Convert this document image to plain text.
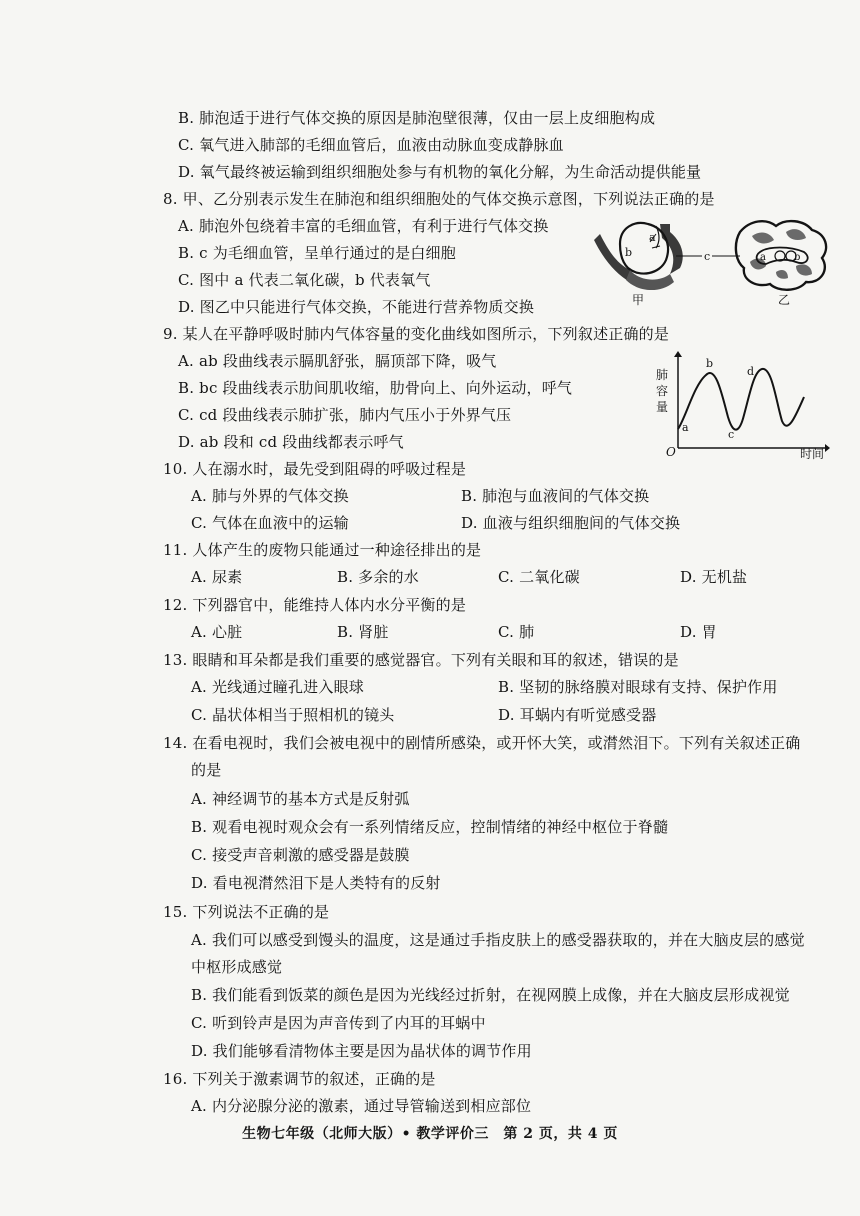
B. 肺泡适于进行气体交换的原因是肺泡壁很薄，仅由一层上皮细胞构成
C. 氧气进入肺部的毛细血管后，血液由动脉血变成静脉血
D. 氧气最终被运输到组织细胞处参与有机物的氧化分解，为生命活动提供能量
8. 甲、乙分别表示发生在肺泡和组织细胞处的气体交换示意图，下列说法正确的是
A. 肺泡外包绕着丰富的毛细血管，有利于进行气体交换
B. c 为毛细血管，呈单行通过的是白细胞
C. 图中 a 代表二氧化碳，b 代表氧气
D. 图乙中只能进行气体交换，不能进行营养物质交换
b
a
甲
c	a	b
乙
9. 某人在平静呼吸时肺内气体容量的变化曲线如图所示，下列叙述正确的是
A. ab 段曲线表示膈肌舒张，膈顶部下降，吸气
B. bc 段曲线表示肋间肌收缩，肋骨向上、向外运动，呼气
C. cd 段曲线表示肺扩张，肺内气压小于外界气压
D. ab 段和 cd 段曲线都表示呼气
肺
容
量
O	时间
a
b
c
d
10. 人在溺水时，最先受到阻碍的呼吸过程是
A. 肺与外界的气体交换	B. 肺泡与血液间的气体交换
C. 气体在血液中的运输	D. 血液与组织细胞间的气体交换
11. 人体产生的废物只能通过一种途径排出的是
A. 尿素	B. 多余的水	C. 二氧化碳	D. 无机盐
12. 下列器官中，能维持人体内水分平衡的是
A. 心脏	B. 肾脏	C. 肺	D. 胃
13. 眼睛和耳朵都是我们重要的感觉器官。下列有关眼和耳的叙述，错误的是
A. 光线通过瞳孔进入眼球	B. 坚韧的脉络膜对眼球有支持、保护作用
C. 晶状体相当于照相机的镜头	D. 耳蜗内有听觉感受器
14. 在看电视时，我们会被电视中的剧情所感染，或开怀大笑，或潸然泪下。下列有关叙述正确
的是
A. 神经调节的基本方式是反射弧
B. 观看电视时观众会有一系列情绪反应，控制情绪的神经中枢位于脊髓
C. 接受声音刺激的感受器是鼓膜
D. 看电视潸然泪下是人类特有的反射
15. 下列说法不正确的是
A. 我们可以感受到馒头的温度，这是通过手指皮肤上的感受器获取的，并在大脑皮层的感觉
中枢形成感觉
B. 我们能看到饭菜的颜色是因为光线经过折射，在视网膜上成像，并在大脑皮层形成视觉
C. 听到铃声是因为声音传到了内耳的耳蜗中
D. 我们能够看清物体主要是因为晶状体的调节作用
16. 下列关于激素调节的叙述，正确的是
A. 内分泌腺分泌的激素，通过导管输送到相应部位
生物七年级（北师大版）• 教学评价三　第 2 页，共 4 页
